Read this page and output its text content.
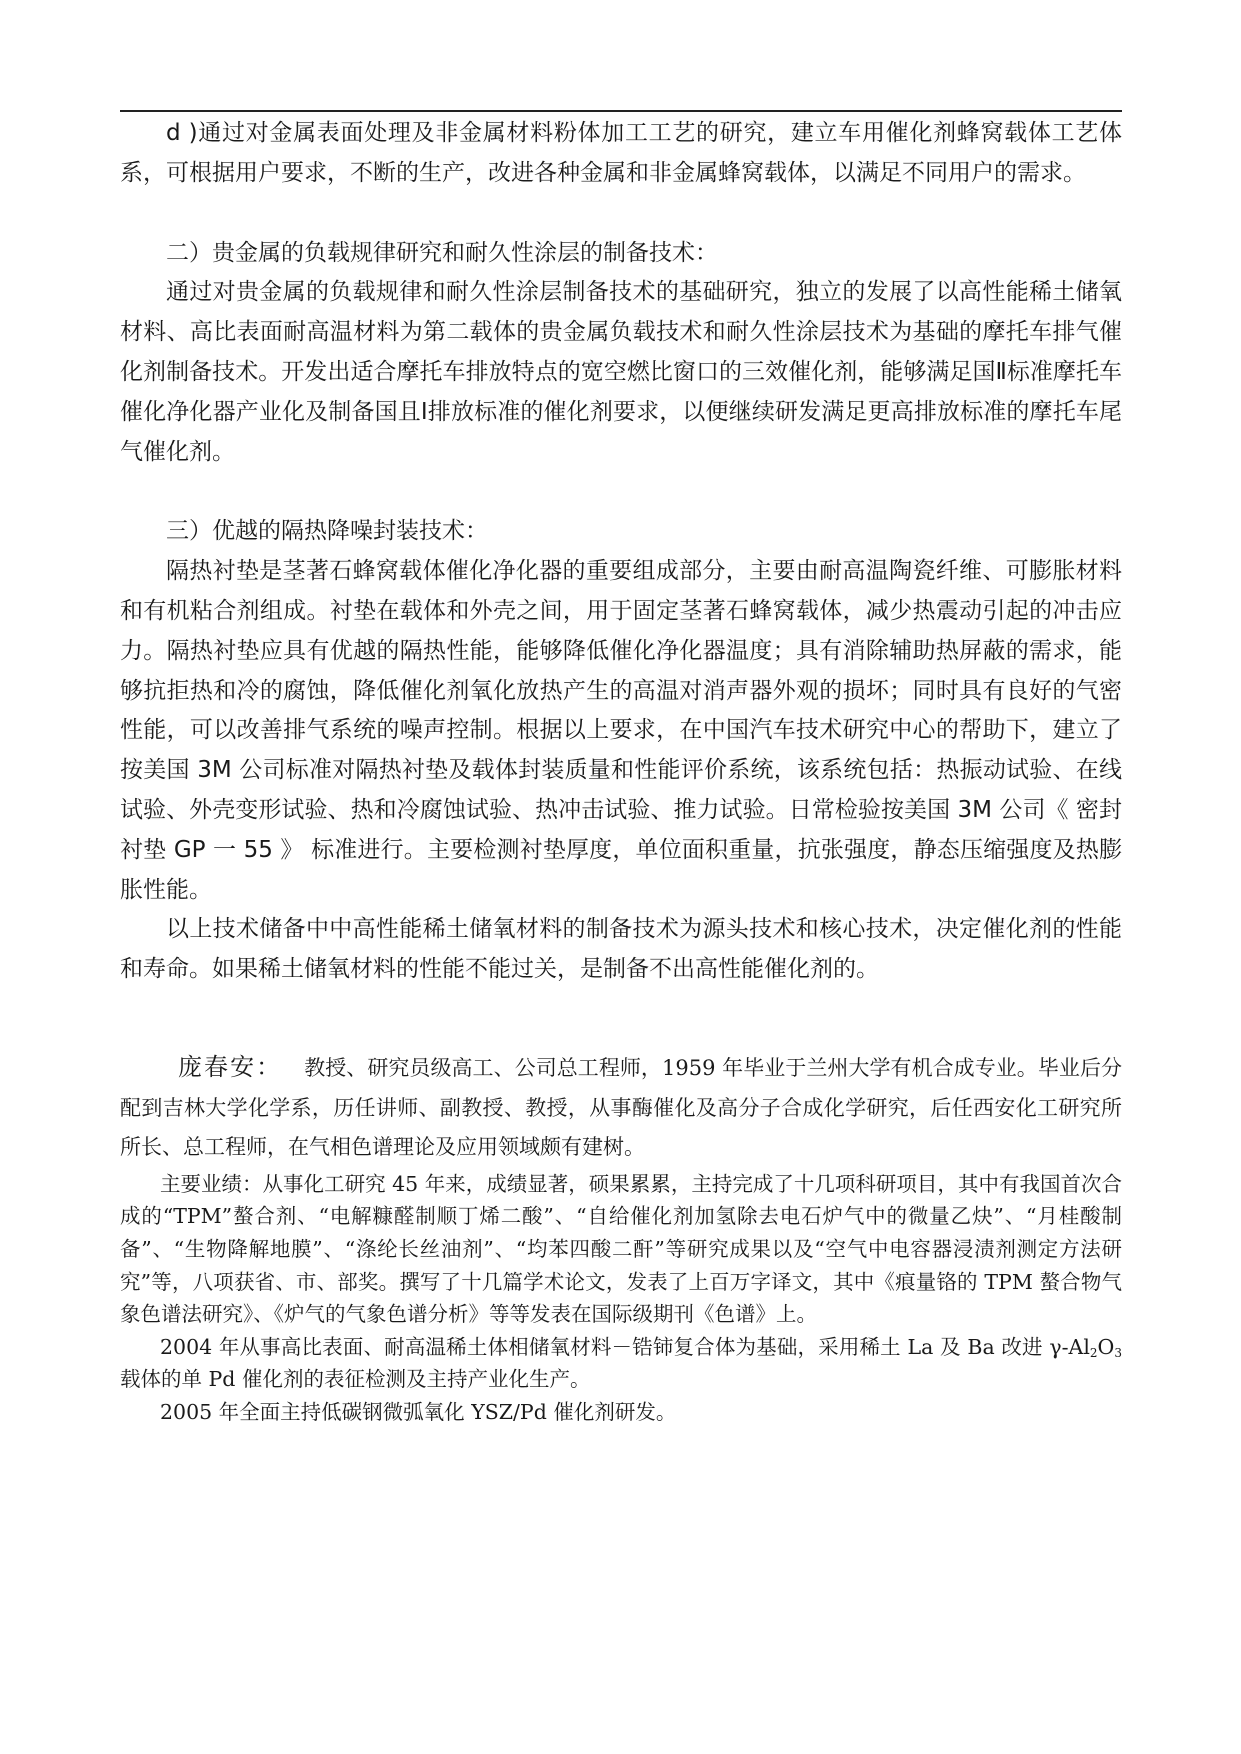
d )通过对金属表面处理及非金属材料粉体加工工艺的研究，建立车用催化剂蜂窝载体工艺体系，可根据用户要求，不断的生产，改进各种金属和非金属蜂窝载体，以满足不同用户的需求。

二）贵金属的负载规律研究和耐久性涂层的制备技术：

通过对贵金属的负载规律和耐久性涂层制备技术的基础研究，独立的发展了以高性能稀土储氧材料、高比表面耐高温材料为第二载体的贵金属负载技术和耐久性涂层技术为基础的摩托车排气催化剂制备技术。开发出适合摩托车排放特点的宽空燃比窗口的三效催化剂，能够满足国Ⅱ标准摩托车催化净化器产业化及制备国且Ⅰ排放标准的催化剂要求，以便继续研发满足更高排放标准的摩托车尾气催化剂。

三）优越的隔热降噪封装技术：

隔热衬垫是茎著石蜂窝载体催化净化器的重要组成部分，主要由耐高温陶瓷纤维、可膨胀材料和有机粘合剂组成。衬垫在载体和外壳之间，用于固定茎著石蜂窝载体，减少热震动引起的冲击应力。隔热衬垫应具有优越的隔热性能，能够降低催化净化器温度；具有消除辅助热屏蔽的需求，能够抗拒热和冷的腐蚀，降低催化剂氧化放热产生的高温对消声器外观的损坏；同时具有良好的气密性能，可以改善排气系统的噪声控制。根据以上要求，在中国汽车技术研究中心的帮助下，建立了按美国 3M 公司标准对隔热衬垫及载体封装质量和性能评价系统，该系统包括：热振动试验、在线试验、外壳变形试验、热和冷腐蚀试验、热冲击试验、推力试验。日常检验按美国 3M 公司《 密封衬垫 GP 一 55 》 标准进行。主要检测衬垫厚度，单位面积重量，抗张强度，静态压缩强度及热膨胀性能。

以上技术储备中中高性能稀土储氧材料的制备技术为源头技术和核心技术，决定催化剂的性能和寿命。如果稀土储氧材料的性能不能过关，是制备不出高性能催化剂的。

庞春安： 教授、研究员级高工、公司总工程师，1959 年毕业于兰州大学有机合成专业。毕业后分配到吉林大学化学系，历任讲师、副教授、教授，从事酶催化及高分子合成化学研究，后任西安化工研究所所长、总工程师，在气相色谱理论及应用领域颇有建树。

主要业绩：从事化工研究 45 年来，成绩显著，硕果累累，主持完成了十几项科研项目，其中有我国首次合成的“TPM”螯合剂、“电解糠醛制顺丁烯二酸”、“自给催化剂加氢除去电石炉气中的微量乙炔”、“月桂酸制备”、“生物降解地膜”、“涤纶长丝油剂”、“均苯四酸二酐”等研究成果以及“空气中电容器浸渍剂测定方法研究”等，八项获省、市、部奖。撰写了十几篇学术论文，发表了上百万字译文，其中《痕量铬的 TPM 螯合物气象色谱法研究》、《炉气的气象色谱分析》等等发表在国际级期刊《色谱》上。

2004 年从事高比表面、耐高温稀土体相储氧材料－锆铈复合体为基础，采用稀土 La 及 Ba 改进 $\gamma-Al_2O_3$ 载体的单 Pd 催化剂的表征检测及主持产业化生产。

2005 年全面主持低碳钢微弧氧化 YSZ/Pd 催化剂研发。
